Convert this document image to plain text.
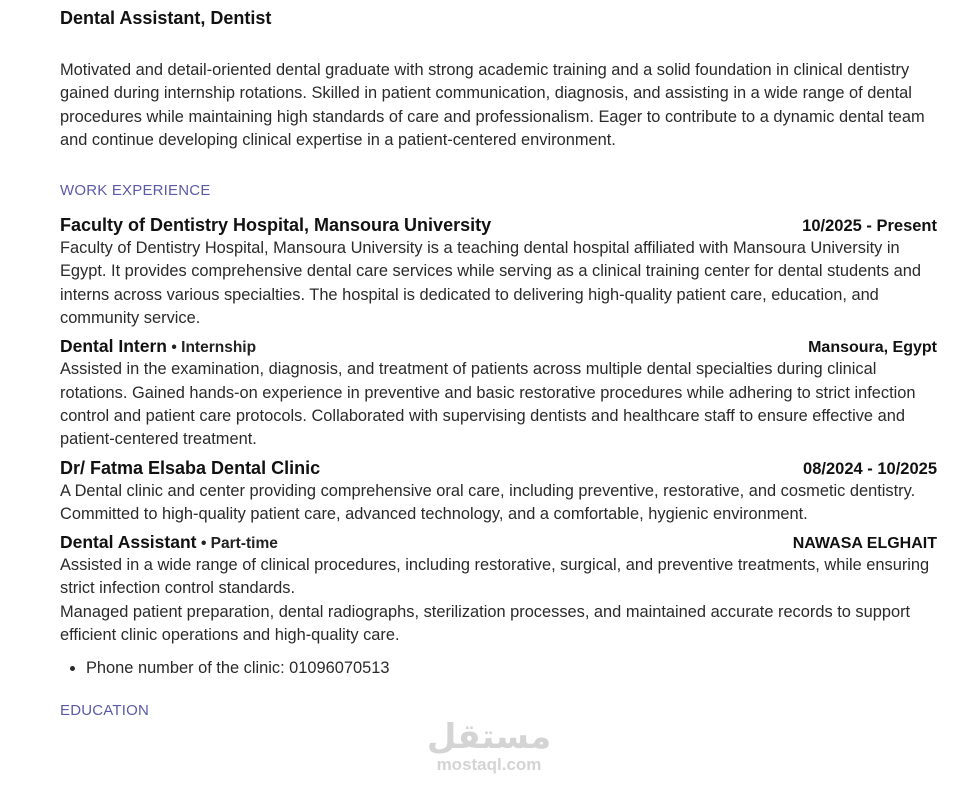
Dental Assistant, Dentist

Motivated and detail-oriented dental graduate with strong academic training and a solid foundation in clinical dentistry gained during internship rotations. Skilled in patient communication, diagnosis, and assisting in a wide range of dental procedures while maintaining high standards of care and professionalism. Eager to contribute to a dynamic dental team and continue developing clinical expertise in a patient-centered environment.

WORK EXPERIENCE
Faculty of Dentistry Hospital, Mansoura University	10/2025 - Present

Faculty of Dentistry Hospital, Mansoura University is a teaching dental hospital affiliated with Mansoura University in Egypt. It provides comprehensive dental care services while serving as a clinical training center for dental students and interns across various specialties. The hospital is dedicated to delivering high-quality patient care, education, and community service.

Dental Intern • Internship	Mansoura, Egypt

Assisted in the examination, diagnosis, and treatment of patients across multiple dental specialties during clinical rotations. Gained hands-on experience in preventive and basic restorative procedures while adhering to strict infection control and patient care protocols. Collaborated with supervising dentists and healthcare staff to ensure effective and patient-centered treatment.

Dr/ Fatma Elsaba Dental Clinic	08/2024 - 10/2025

A Dental clinic and center providing comprehensive oral care, including preventive, restorative, and cosmetic dentistry. Committed to high-quality patient care, advanced technology, and a comfortable, hygienic environment.

Dental Assistant • Part-time	NAWASA ELGHAIT

Assisted in a wide range of clinical procedures, including restorative, surgical, and preventive treatments, while ensuring strict infection control standards.

Managed patient preparation, dental radiographs, sterilization processes, and maintained accurate records to support efficient clinic operations and high-quality care.

• Phone number of the clinic: 01096070513
EDUCATION
مستقل
mostaql.com
